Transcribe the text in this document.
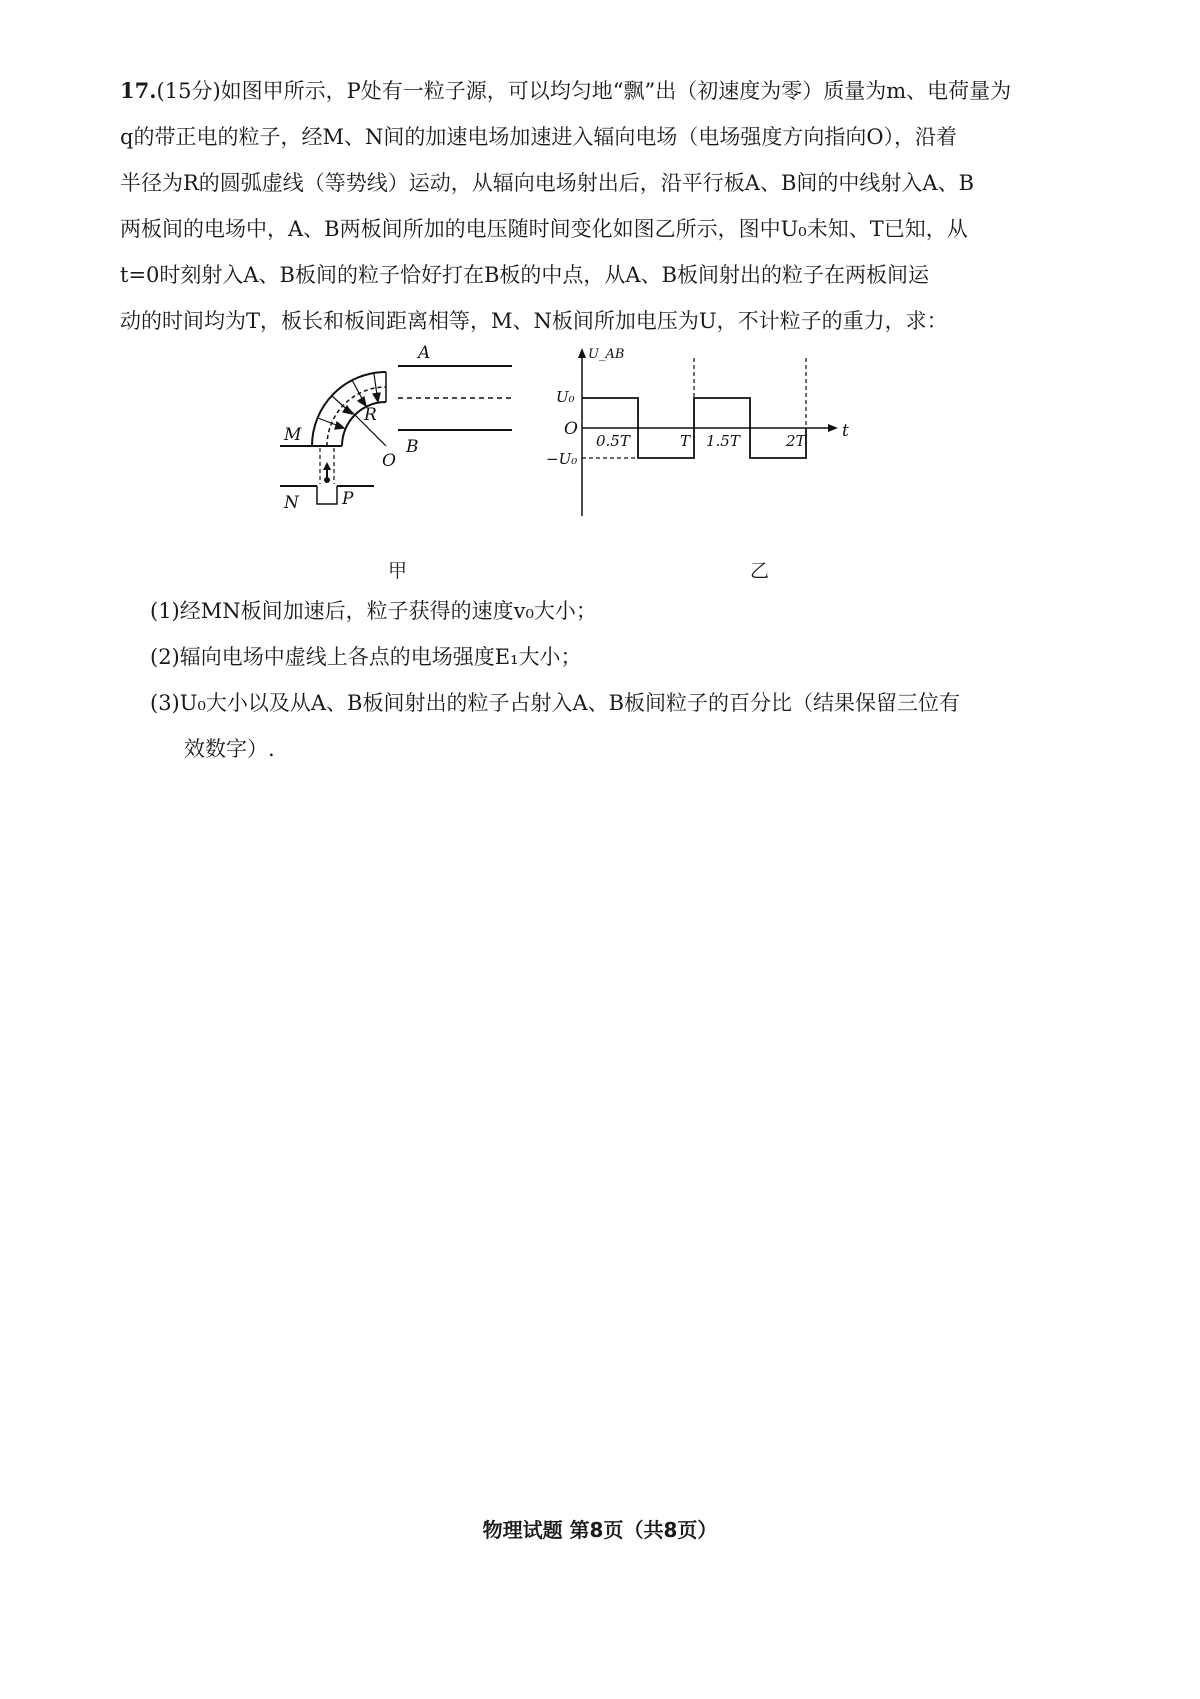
17.(15分)如图甲所示，P处有一粒子源，可以均匀地“飘”出（初速度为零）质量为m、电荷量为
q的带正电的粒子，经M、N间的加速电场加速进入辐向电场（电场强度方向指向O），沿着
半径为R的圆弧虚线（等势线）运动，从辐向电场射出后，沿平行板A、B间的中线射入A、B
两板间的电场中，A、B两板间所加的电压随时间变化如图乙所示，图中U₀未知、T已知，从
t=0时刻射入A、B板间的粒子恰好打在B板的中点，从A、B板间射出的粒子在两板间运
动的时间均为T，板长和板间距离相等，M、N板间所加电压为U，不计粒子的重力，求：
A
B
M
N	P
O
R
U_AB
t
O
U₀
−U₀
0.5T	T 1.5T	2T
甲	乙

(1)经MN板间加速后，粒子获得的速度v₀大小；

(2)辐向电场中虚线上各点的电场强度E₁大小；

(3)U₀大小以及从A、B板间射出的粒子占射入A、B板间粒子的百分比（结果保留三位有

效数字）.

物理试题 第8页（共8页）
